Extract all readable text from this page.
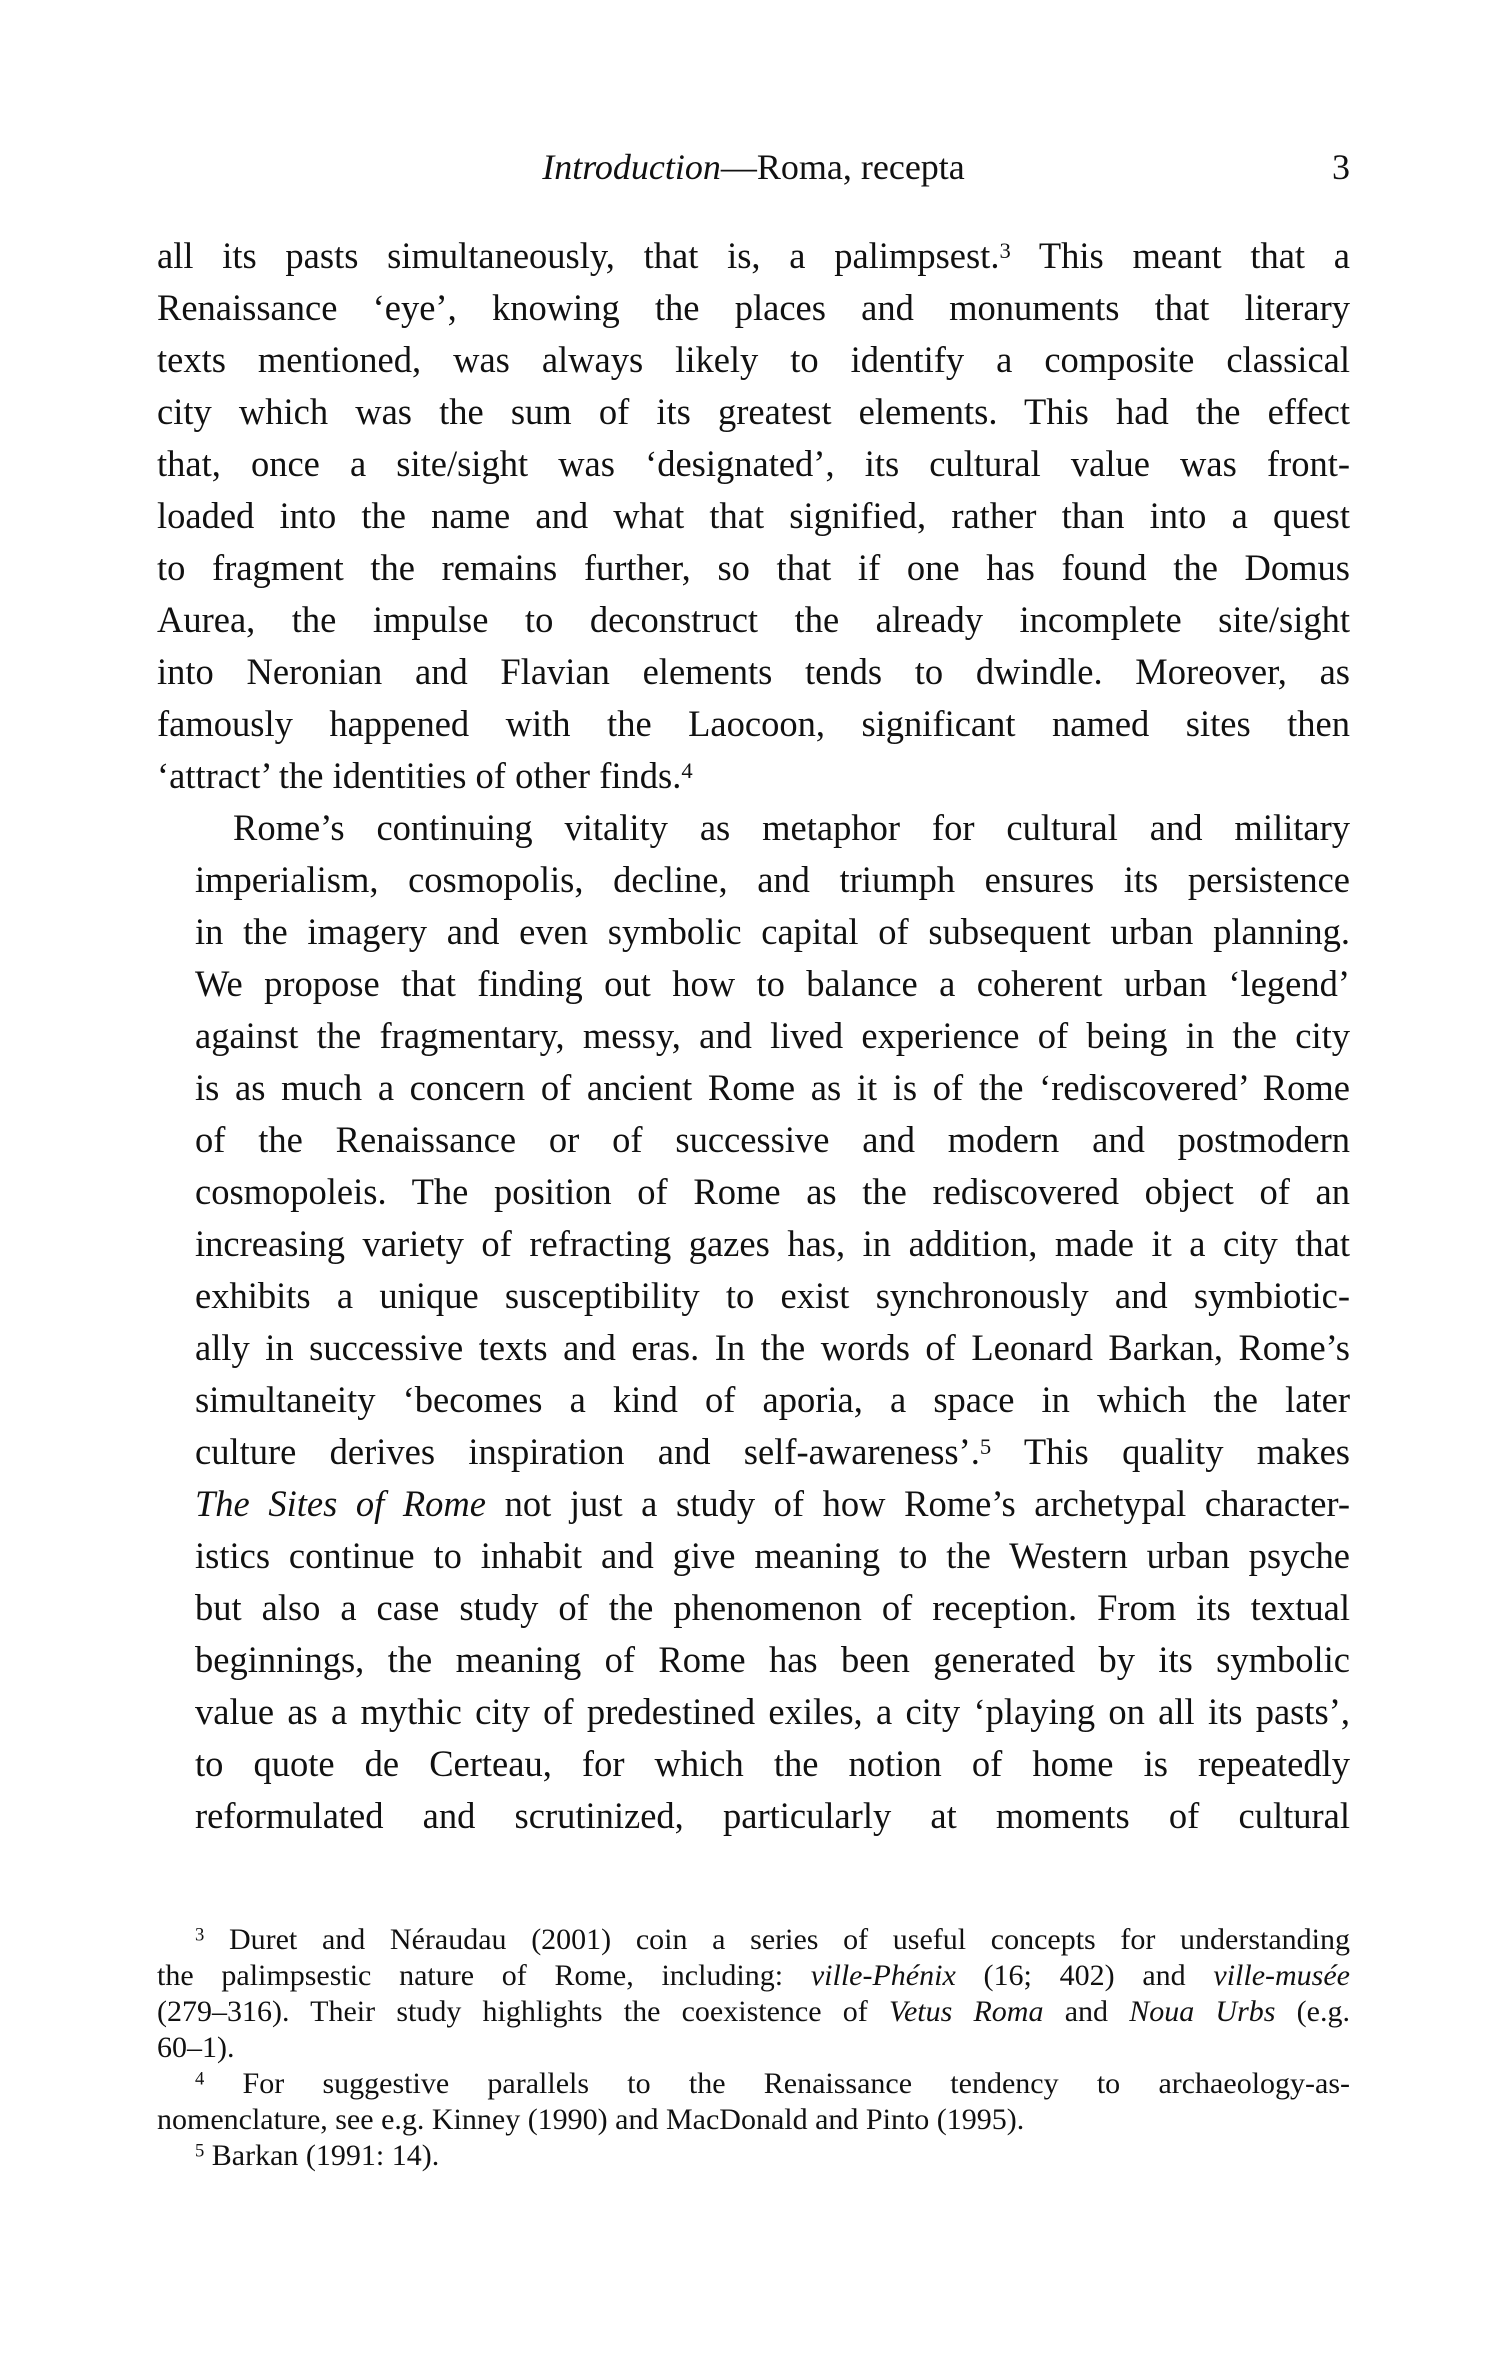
Introduction—Roma, recepta	3

all its pasts simultaneously, that is, a palimpsest.$^3$ This meant that a
Renaissance ‘eye’, knowing the places and monuments that literary
texts mentioned, was always likely to identify a composite classical
city which was the sum of its greatest elements. This had the effect
that, once a site/sight was ‘designated’, its cultural value was front-
loaded into the name and what that signified, rather than into a quest
to fragment the remains further, so that if one has found the Domus
Aurea, the impulse to deconstruct the already incomplete site/sight
into Neronian and Flavian elements tends to dwindle. Moreover, as
famously happened with the Laocoon, significant named sites then
‘attract’ the identities of other finds.$^4$

Rome’s continuing vitality as metaphor for cultural and military
imperialism, cosmopolis, decline, and triumph ensures its persistence
in the imagery and even symbolic capital of subsequent urban planning.
We propose that finding out how to balance a coherent urban ‘legend’
against the fragmentary, messy, and lived experience of being in the city
is as much a concern of ancient Rome as it is of the ‘rediscovered’ Rome
of the Renaissance or of successive and modern and postmodern
cosmopoleis. The position of Rome as the rediscovered object of an
increasing variety of refracting gazes has, in addition, made it a city that
exhibits a unique susceptibility to exist synchronously and symbiotic-
ally in successive texts and eras. In the words of Leonard Barkan, Rome’s
simultaneity ‘becomes a kind of aporia, a space in which the later
culture derives inspiration and self-awareness’.$^5$ This quality makes
The Sites of Rome not just a study of how Rome’s archetypal character-
istics continue to inhabit and give meaning to the Western urban psyche
but also a case study of the phenomenon of reception. From its textual
beginnings, the meaning of Rome has been generated by its symbolic
value as a mythic city of predestined exiles, a city ‘playing on all its pasts’,
to quote de Certeau, for which the notion of home is repeatedly
reformulated and scrutinized, particularly at moments of cultural

$^3$ Duret and Néraudau (2001) coin a series of useful concepts for understanding
the palimpsestic nature of Rome, including: ville-Phénix (16; 402) and ville-musée
(279–316). Their study highlights the coexistence of Vetus Roma and Noua Urbs (e.g.
60–1).
$^4$ For suggestive parallels to the Renaissance tendency to archaeology-as-
nomenclature, see e.g. Kinney (1990) and MacDonald and Pinto (1995).
$^5$ Barkan (1991: 14).
